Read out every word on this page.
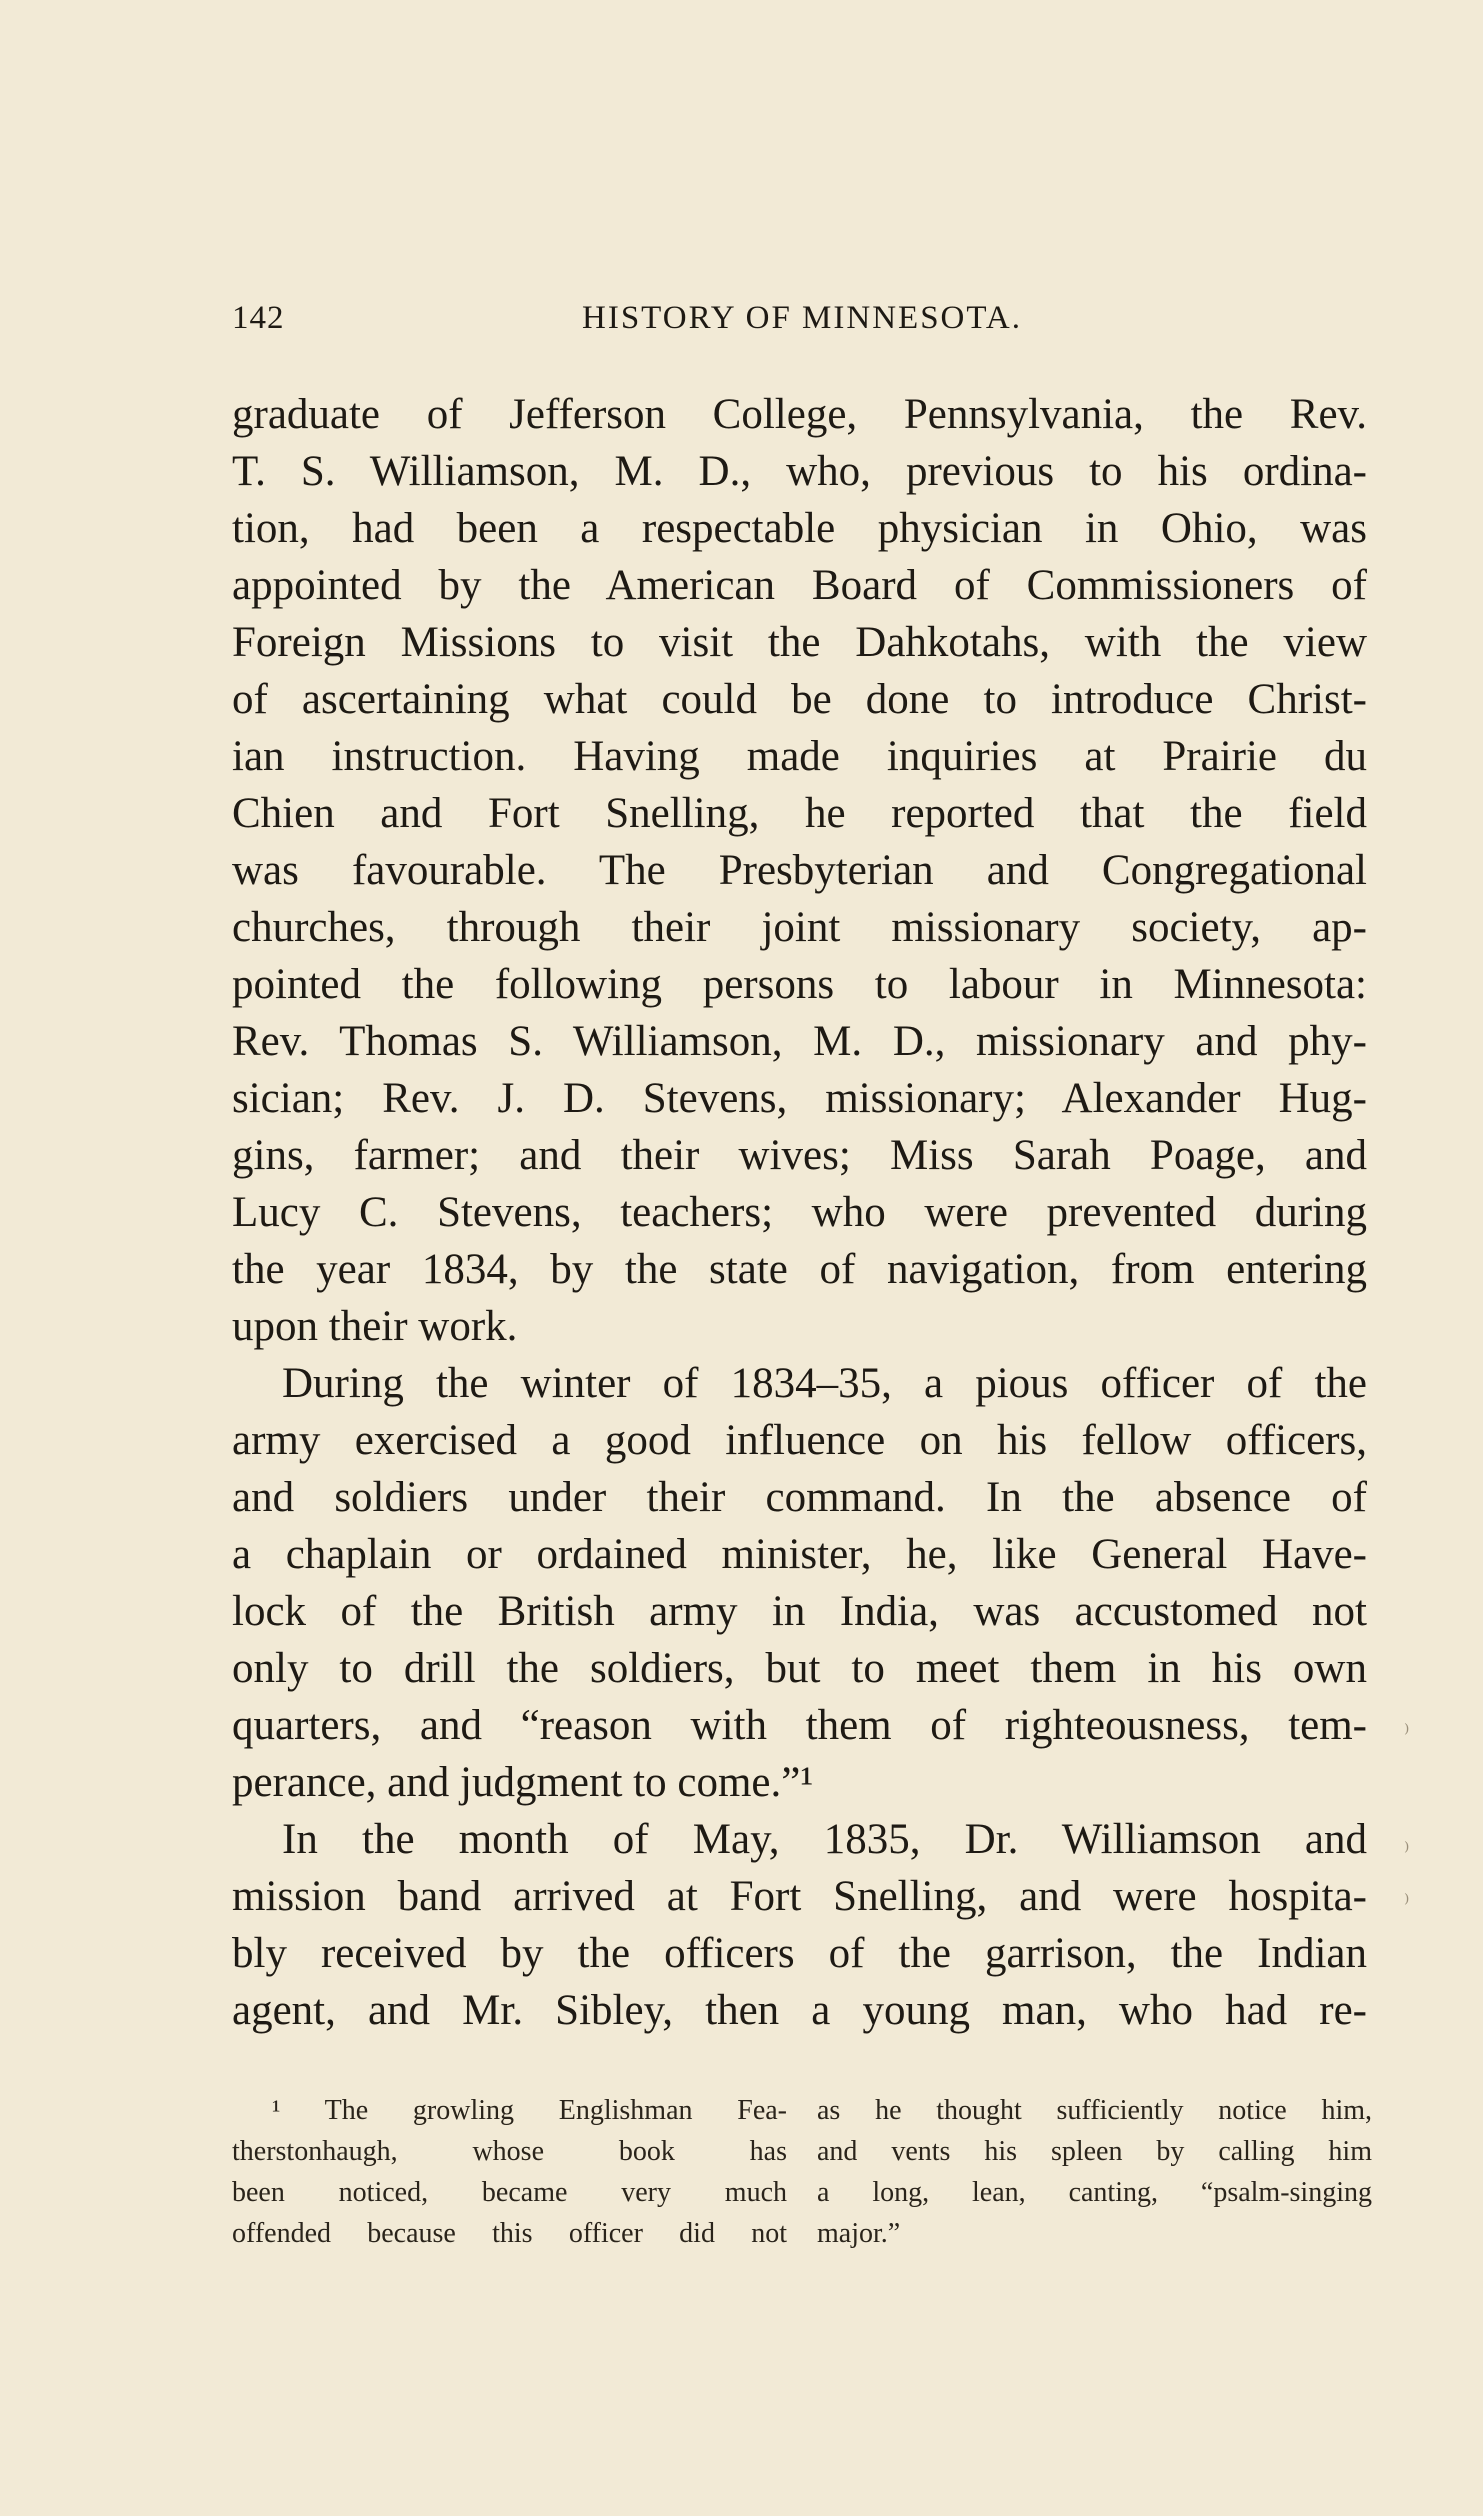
142	HISTORY OF MINNESOTA.
graduate of Jefferson College, Pennsylvania, the Rev.
T. S. Williamson, M. D., who, previous to his ordina-
tion, had been a respectable physician in Ohio, was
appointed by the American Board of Commissioners of
Foreign Missions to visit the Dahkotahs, with the view
of ascertaining what could be done to introduce Christ-
ian instruction. Having made inquiries at Prairie du
Chien and Fort Snelling, he reported that the field
was favourable. The Presbyterian and Congregational
churches, through their joint missionary society, ap-
pointed the following persons to labour in Minnesota:
Rev. Thomas S. Williamson, M. D., missionary and phy-
sician; Rev. J. D. Stevens, missionary; Alexander Hug-
gins, farmer; and their wives; Miss Sarah Poage, and
Lucy C. Stevens, teachers; who were prevented during
the year 1834, by the state of navigation, from entering
upon their work.
During the winter of 1834–35, a pious officer of the
army exercised a good influence on his fellow officers,
and soldiers under their command. In the absence of
a chaplain or ordained minister, he, like General Have-
lock of the British army in India, was accustomed not
only to drill the soldiers, but to meet them in his own
quarters, and “reason with them of righteousness, tem-
perance, and judgment to come.”¹
In the month of May, 1835, Dr. Williamson and
mission band arrived at Fort Snelling, and were hospita-
bly received by the officers of the garrison, the Indian
agent, and Mr. Sibley, then a young man, who had re-
¹ The growling Englishman Fea-
therstonhaugh, whose book has
been noticed, became very much
offended because this officer did not
as he thought sufficiently notice him,
and vents his spleen by calling him
a long, lean, canting, “psalm-singing
major.”
⁾
⁾
⁾
